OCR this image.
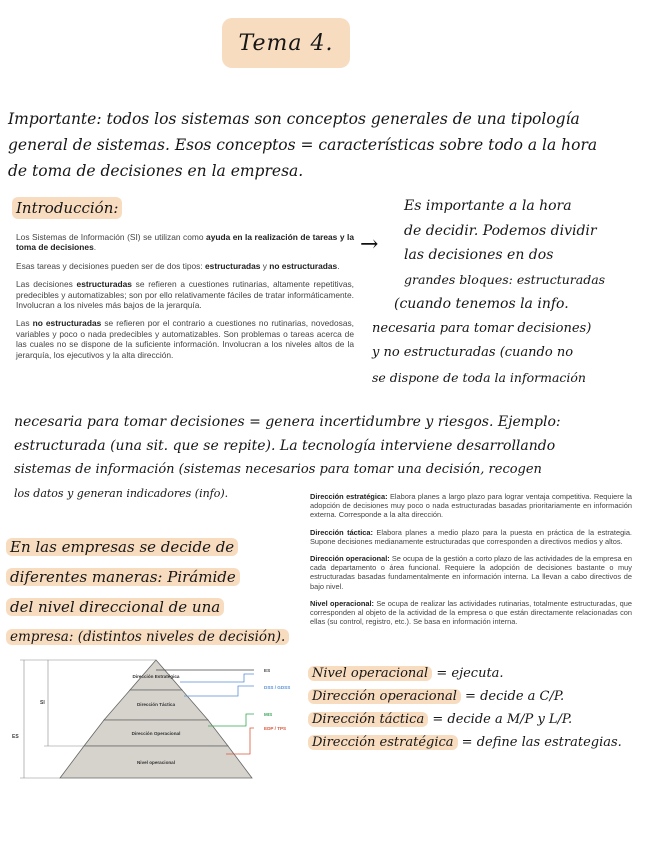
Tema 4.
Importante: todos los sistemas son conceptos generales de una tipología
general de sistemas. Esos conceptos = características sobre todo a la hora
de toma de decisiones en la empresa.
Introducción:

Los Sistemas de Información (SI) se utilizan como ayuda en la realización de tareas y la toma de decisiones.

Esas tareas y decisiones pueden ser de dos tipos: estructuradas y no estructuradas.

Las decisiones estructuradas se refieren a cuestiones rutinarias, altamente repetitivas, predecibles y automatizables; son por ello relativamente fáciles de tratar informáticamente. Involucran a los niveles más bajos de la jerarquía.

Las no estructuradas se refieren por el contrario a cuestiones no rutinarias, novedosas, variables y poco o nada predecibles y automatizables. Son problemas o tareas acerca de las cuales no se dispone de la suficiente información. Involucran a los niveles altos de la jerarquía, los ejecutivos y la alta dirección.

→
Es importante a la hora
de decidir. Podemos dividir
las decisiones en dos
grandes bloques: estructuradas
(cuando tenemos la info.
necesaria para tomar decisiones)
y no estructuradas (cuando no
se dispone de toda la información
necesaria para tomar decisiones = genera incertidumbre y riesgos. Ejemplo:
estructurada (una sit. que se repite). La tecnología interviene desarrollando
sistemas de información (sistemas necesarios para tomar una decisión, recogen
los datos y generan indicadores (info).	Dirección estratégica: Elabora planes a largo plazo para lograr ventaja competitiva. Requiere la adopción de decisiones muy poco o nada estructuradas basadas prioritariamente en información externa. Corresponde a la alta dirección.

Dirección táctica: Elabora planes a medio plazo para la puesta en práctica de la estrategia. Supone decisiones medianamente estructuradas que corresponden a directivos medios y altos.

Dirección operacional: Se ocupa de la gestión a corto plazo de las actividades de la empresa en cada departamento o área funcional. Requiere la adopción de decisiones bastante o muy estructuradas basadas fundamentalmente en información interna. La llevan a cabo directivos de bajo nivel.

Nivel operacional: Se ocupa de realizar las actividades rutinarias, totalmente estructuradas, que corresponden al objeto de la actividad de la empresa o que están directamente relacionadas con ellas (su control, registro, etc.). Se basa en información interna.

En las empresas se decide de
diferentes maneras: Pirámide
del nivel direccional de una
empresa: (distintos niveles de decisión).
Dirección Estratégica
Dirección Táctica
Dirección Operacional
Nivel operacional
SI
ES
ES
DSS / GDSS
MIS
EDP / TPS
Nivel operacional = ejecuta.
Dirección operacional = decide a C/P.
Dirección táctica = decide a M/P y L/P.
Dirección estratégica = define las estrategias.
